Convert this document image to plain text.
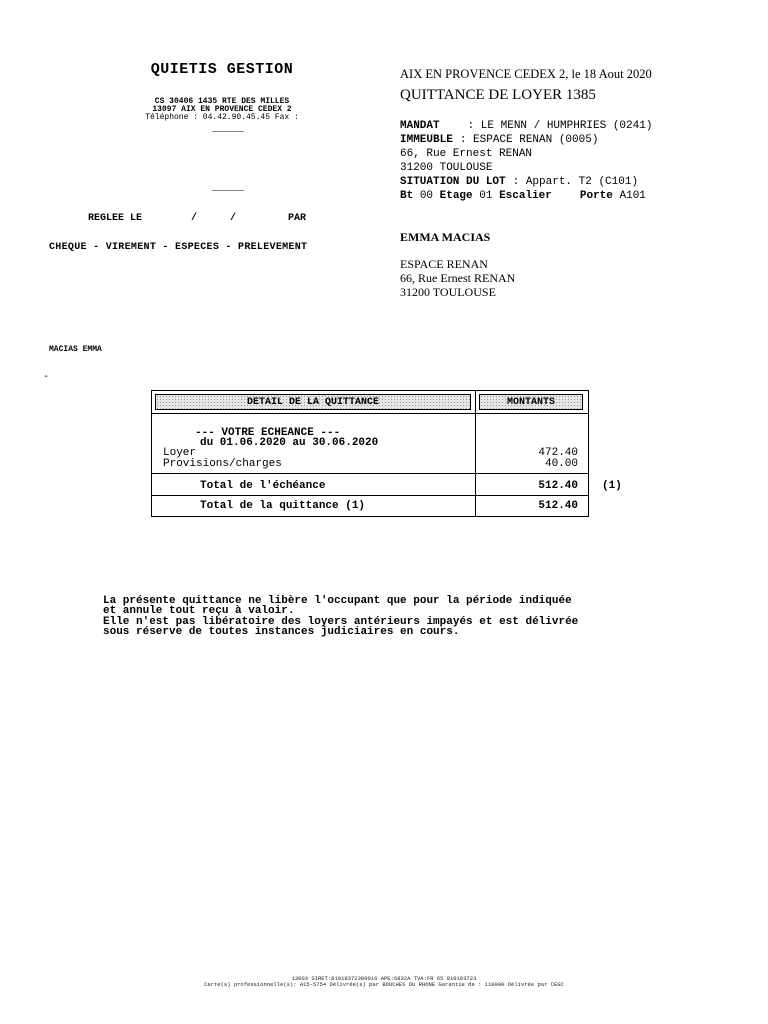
QUIETIS GESTION
CS 30406 1435 RTE DES MILLES
13097 AIX EN PROVENCE CEDEX 2
Téléphone : 04.42.90.45.45 Fax :
REGLEE LE	/	/	PAR
CHEQUE - VIREMENT - ESPECES - PRELEVEMENT
AIX EN PROVENCE CEDEX 2, le 18 Aout 2020
QUITTANCE DE LOYER 1385
MANDAT	: LE MENN / HUMPHRIES (0241)
IMMEUBLE : ESPACE RENAN (0005)
66, Rue Ernest RENAN
31200 TOULOUSE
SITUATION DU LOT : Appart. T2 (C101)
Bt 00 Etage 01 Escalier	Porte A101
EMMA MACIAS
ESPACE RENAN
66, Rue Ernest RENAN
31200 TOULOUSE
MACIAS EMMA
-
DETAIL DE LA QUITTANCE	MONTANTS
--- VOTRE ECHEANCE ---
du 01.06.2020 au 30.06.2020
Loyer	472.40
Provisions/charges	40.00
Total de l'échéance	512.40
Total de la quittance (1)	512.40
(1)
La présente quittance ne libère l'occupant que pour la période indiquée
et annule tout reçu à valoir.
Elle n'est pas libératoire des loyers antérieurs impayés et est délivrée
sous réserve de toutes instances judiciaires en cours.
13003 SIRET:81018372300016 APE:6832A TVA:FR 65 810183723
Carte(s) professionnelle(s): A15-5754 Délivrée(s) par BOUCHES DU RHONE Garantie de : 110000 Délivrée par CEGC
